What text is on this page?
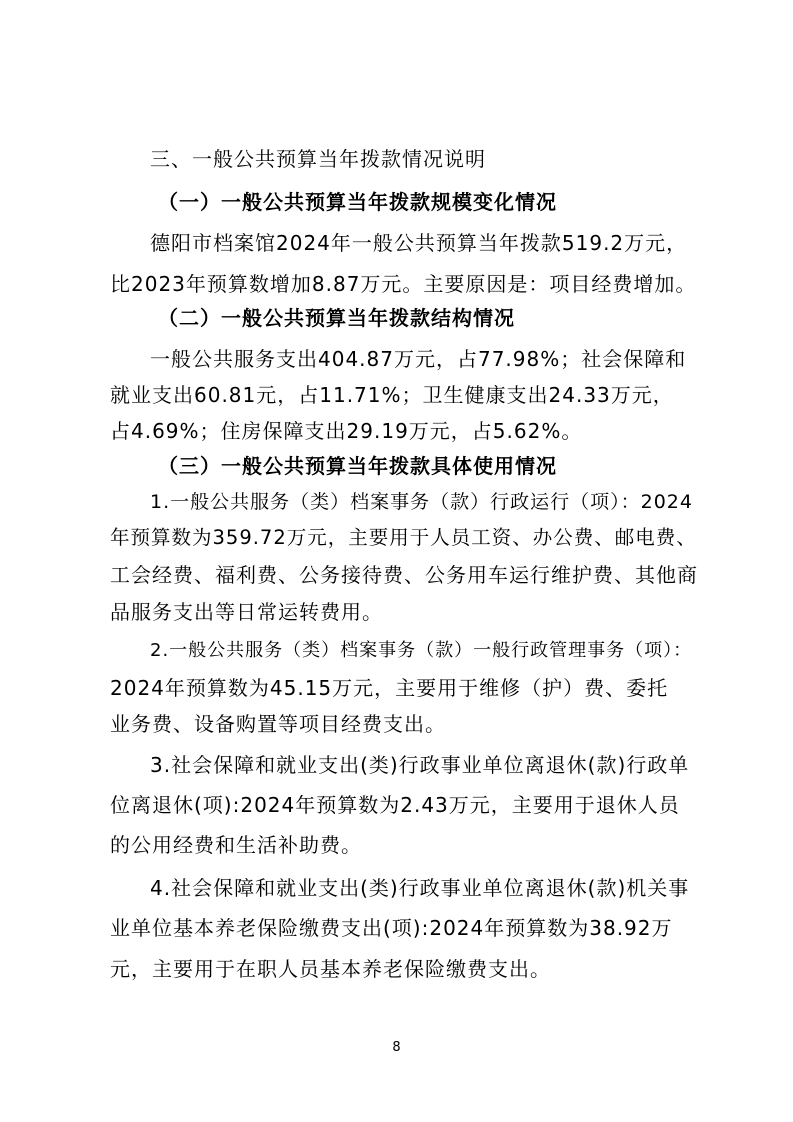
三、一般公共预算当年拨款情况说明
（一）一般公共预算当年拨款规模变化情况

德阳市档案馆2024年一般公共预算当年拨款519.2万元，

比2023年预算数增加8.87万元。主要原因是：项目经费增加。

（二）一般公共预算当年拨款结构情况

一般公共服务支出404.87万元，占77.98%；社会保障和

就业支出60.81元，占11.71%；卫生健康支出24.33万元，

占4.69%；住房保障支出29.19万元，占5.62%。

（三）一般公共预算当年拨款具体使用情况

1.一般公共服务（类）档案事务（款）行政运行（项）：2024

年预算数为359.72万元，主要用于人员工资、办公费、邮电费、

工会经费、福利费、公务接待费、公务用车运行维护费、其他商

品服务支出等日常运转费用。

2.一般公共服务（类）档案事务（款）一般行政管理事务（项）：

2024年预算数为45.15万元，主要用于维修（护）费、委托

业务费、设备购置等项目经费支出。

3.社会保障和就业支出(类)行政事业单位离退休(款)行政单

位离退休(项):2024年预算数为2.43万元，主要用于退休人员

的公用经费和生活补助费。

4.社会保障和就业支出(类)行政事业单位离退休(款)机关事

业单位基本养老保险缴费支出(项):2024年预算数为38.92万

元，主要用于在职人员基本养老保险缴费支出。

8
